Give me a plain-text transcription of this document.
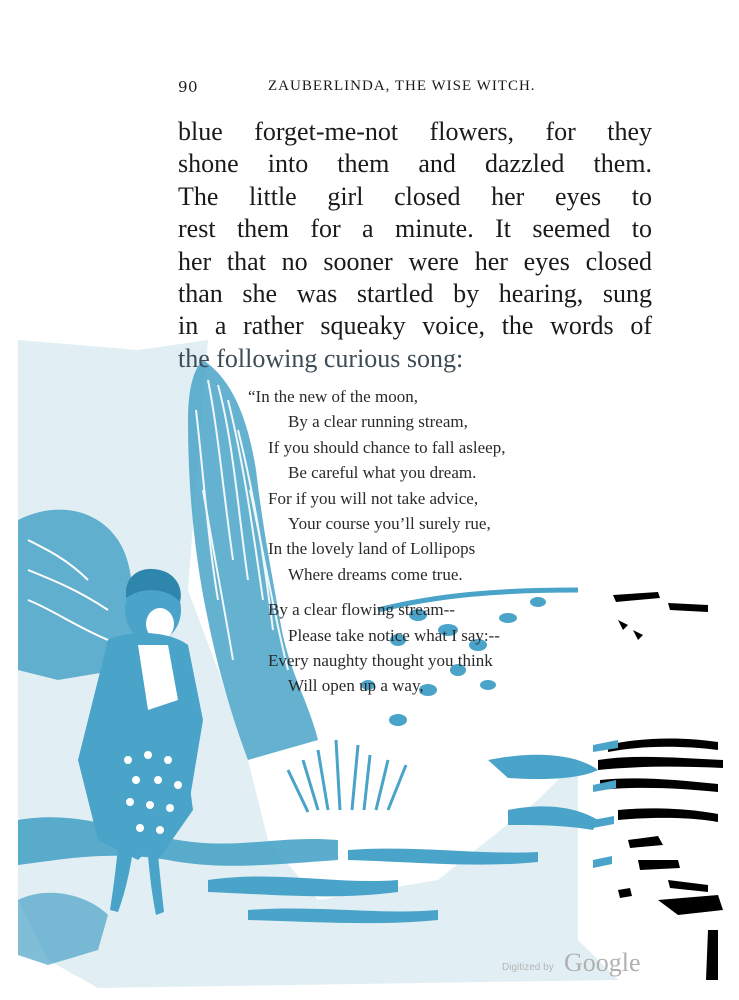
90	ZAUBERLINDA, THE WISE WITCH.
blue forget-me-not flowers, for they
shone into them and dazzled them.
The little girl closed her eyes to
rest them for a minute. It seemed to
her that no sooner were her eyes closed
than she was startled by hearing, sung
in a rather squeaky voice, the words of
the following curious song:
“In the new of the moon,
By a clear running stream,
If you should chance to fall asleep,
Be careful what you dream.
For if you will not take advice,
Your course you’ll surely rue,
In the lovely land of Lollipops
Where dreams come true.
By a clear flowing stream--
Please take notice what I say:--
Every naughty thought you think
Will open up a way,
Digitized by Google
